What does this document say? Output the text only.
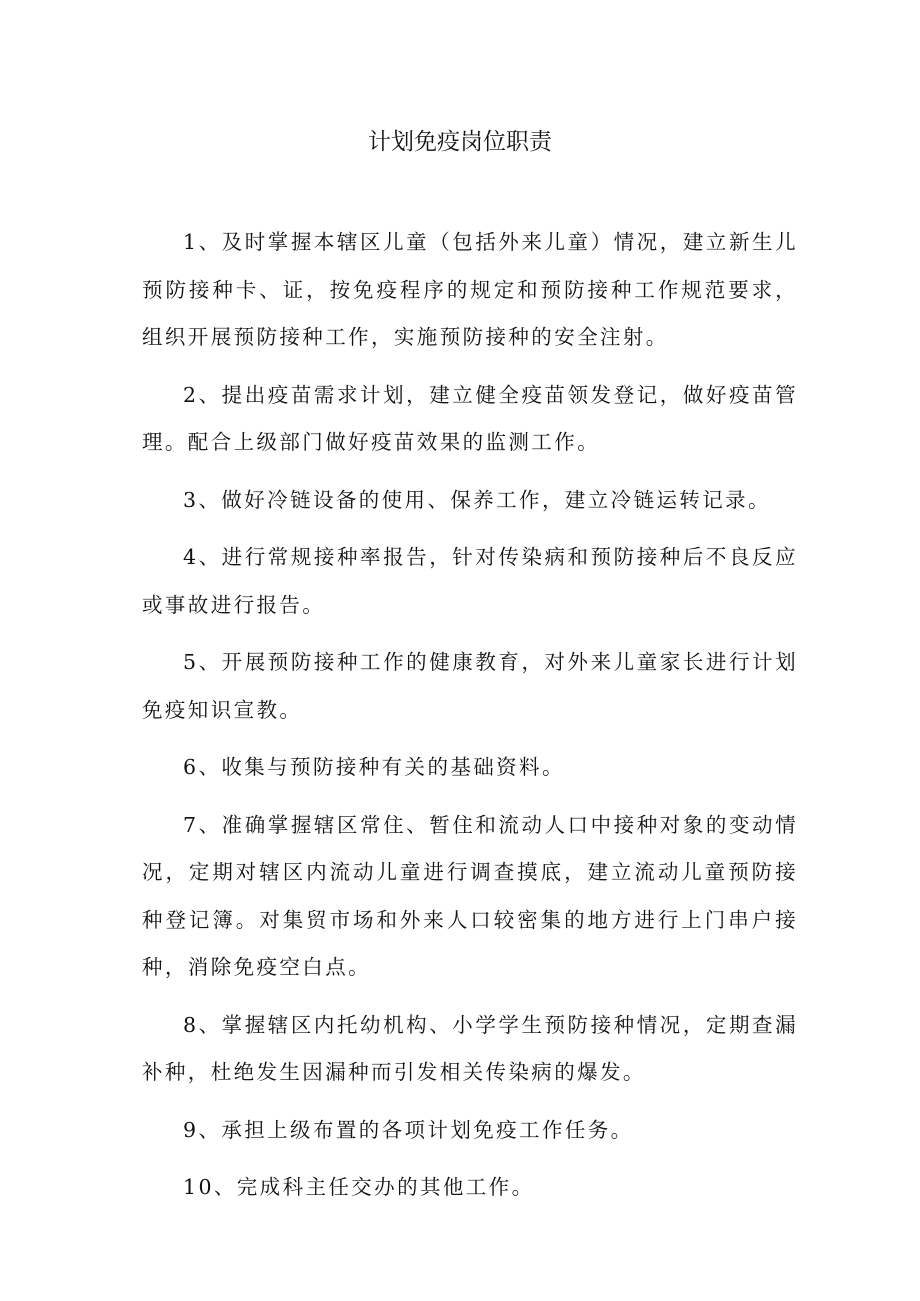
计划免疫岗位职责

1、及时掌握本辖区儿童（包括外来儿童）情况，建立新生儿预防接种卡、证，按免疫程序的规定和预防接种工作规范要求，组织开展预防接种工作，实施预防接种的安全注射。

2、提出疫苗需求计划，建立健全疫苗领发登记，做好疫苗管理。配合上级部门做好疫苗效果的监测工作。

3、做好冷链设备的使用、保养工作，建立冷链运转记录。

4、进行常规接种率报告，针对传染病和预防接种后不良反应或事故进行报告。

5、开展预防接种工作的健康教育，对外来儿童家长进行计划免疫知识宣教。

6、收集与预防接种有关的基础资料。

7、准确掌握辖区常住、暂住和流动人口中接种对象的变动情况，定期对辖区内流动儿童进行调查摸底，建立流动儿童预防接种登记簿。对集贸市场和外来人口较密集的地方进行上门串户接种，消除免疫空白点。

8、掌握辖区内托幼机构、小学学生预防接种情况，定期查漏补种，杜绝发生因漏种而引发相关传染病的爆发。

9、承担上级布置的各项计划免疫工作任务。

10、完成科主任交办的其他工作。
